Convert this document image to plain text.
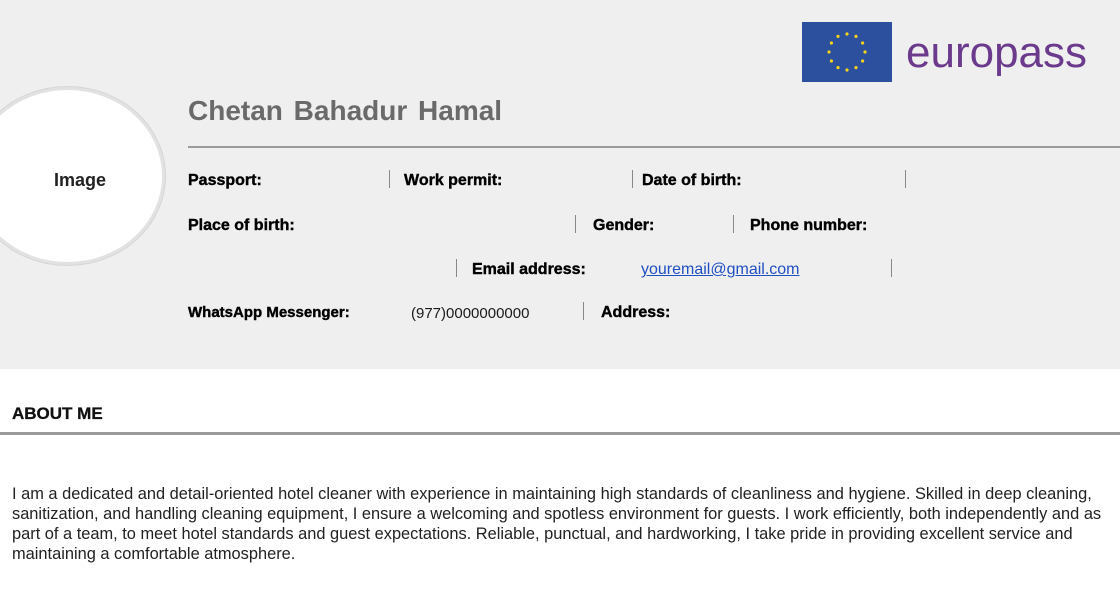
Image
europass
Chetan Bahadur Hamal
Passport:	Work permit:	Date of birth:
Place of birth:	Gender:	Phone number:
Email address:	youremail@gmail.com
WhatsApp Messenger:	(977)0000000000	Address:
ABOUT ME
I am a dedicated and detail-oriented hotel cleaner with experience in maintaining high standards of cleanliness and hygiene. Skilled in deep cleaning, sanitization, and handling cleaning equipment, I ensure a welcoming and spotless environment for guests. I work efficiently, both independently and as part of a team, to meet hotel standards and guest expectations. Reliable, punctual, and hardworking, I take pride in providing excellent service and maintaining a comfortable atmosphere.
